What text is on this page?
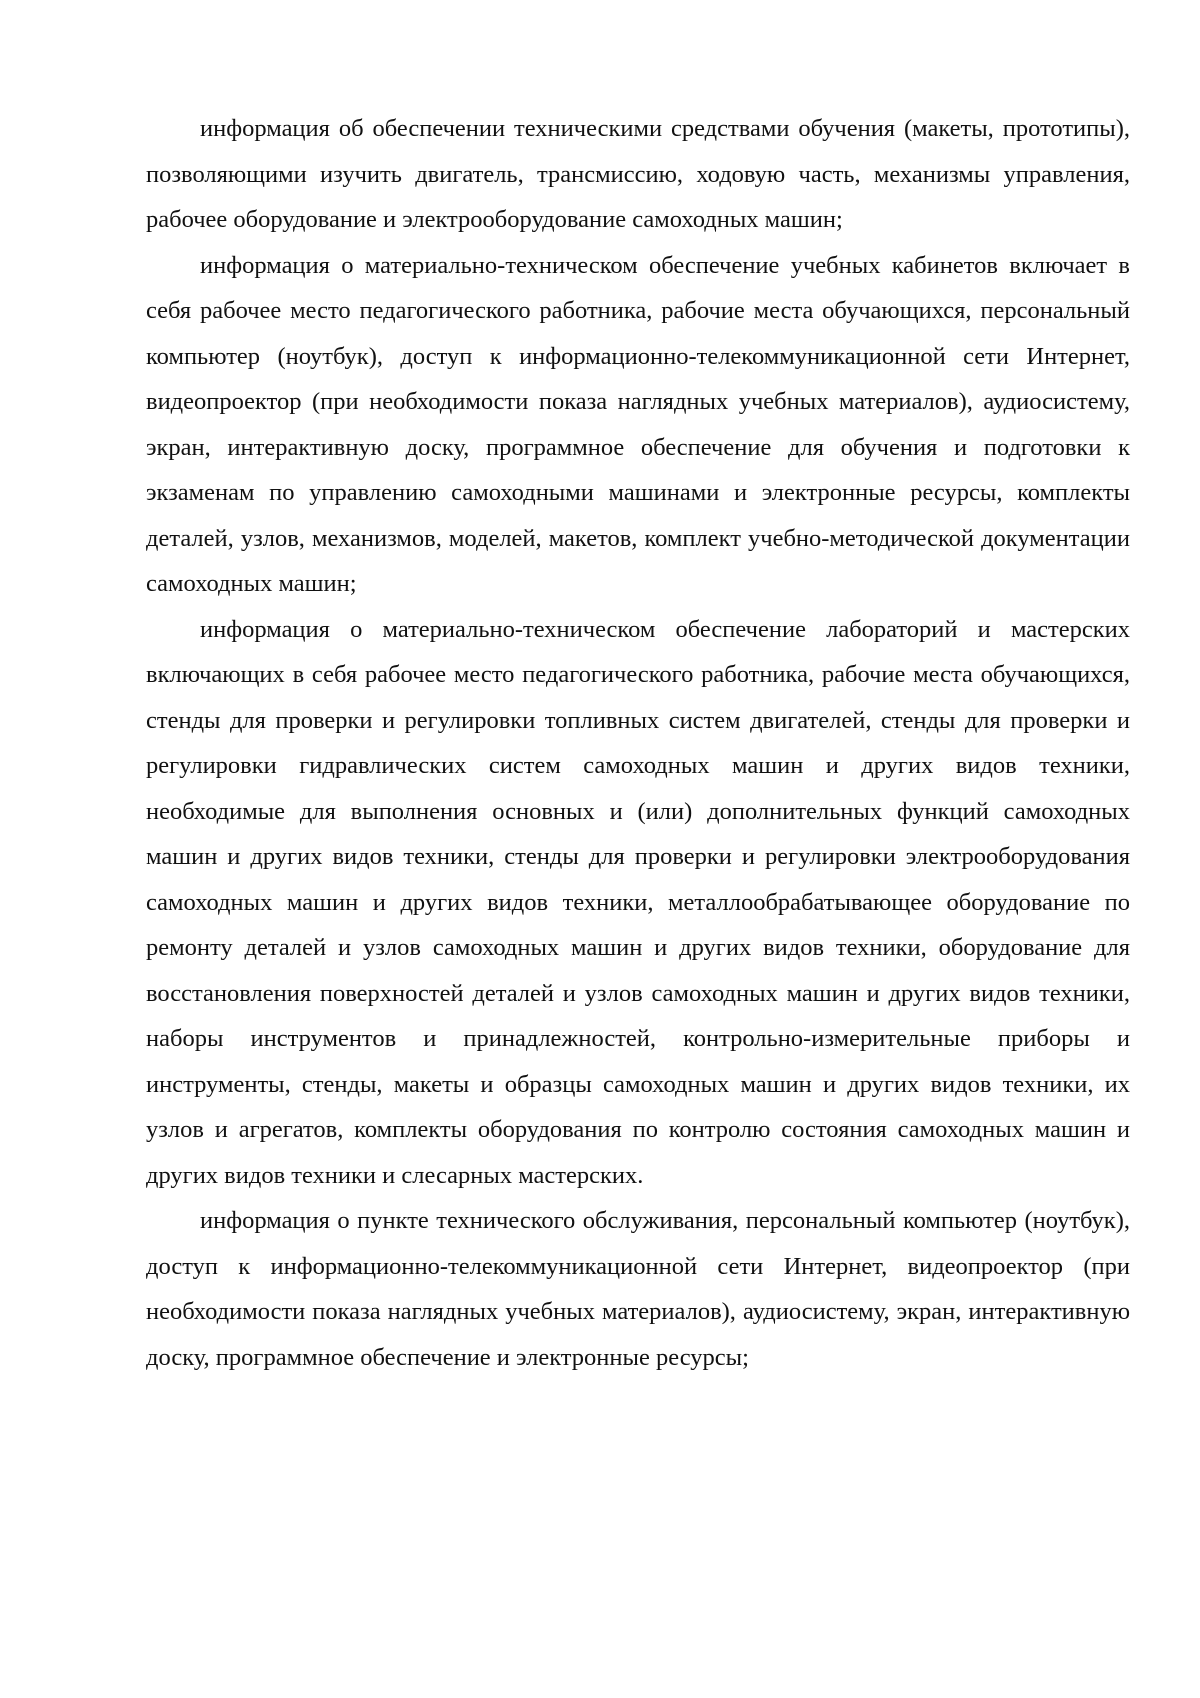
информация об обеспечении техническими средствами обучения (макеты, прототипы), позволяющими изучить двигатель, трансмиссию, ходовую часть, механизмы управления, рабочее оборудование и электрооборудование самоходных машин;

информация о материально-техническом обеспечение учебных кабинетов включает в себя рабочее место педагогического работника, рабочие места обучающихся, персональный компьютер (ноутбук), доступ к информационно-телекоммуникационной сети Интернет, видеопроектор (при необходимости показа наглядных учебных материалов), аудиосистему, экран, интерактивную доску, программное обеспечение для обучения и подготовки к экзаменам по управлению самоходными машинами и электронные ресурсы, комплекты деталей, узлов, механизмов, моделей, макетов, комплект учебно-методической документации самоходных машин;

информация о материально-техническом обеспечение лабораторий и мастерских включающих в себя рабочее место педагогического работника, рабочие места обучающихся, стенды для проверки и регулировки топливных систем двигателей, стенды для проверки и регулировки гидравлических систем самоходных машин и других видов техники, необходимые для выполнения основных и (или) дополнительных функций самоходных машин и других видов техники, стенды для проверки и регулировки электрооборудования самоходных машин и других видов техники, металлообрабатывающее оборудование по ремонту деталей и узлов самоходных машин и других видов техники, оборудование для восстановления поверхностей деталей и узлов самоходных машин и других видов техники, наборы инструментов и принадлежностей, контрольно-измерительные приборы и инструменты, стенды, макеты и образцы самоходных машин и других видов техники, их узлов и агрегатов, комплекты оборудования по контролю состояния самоходных машин и других видов техники и слесарных мастерских.

информация о пункте технического обслуживания, персональный компьютер (ноутбук), доступ к информационно-телекоммуникационной сети Интернет, видеопроектор (при необходимости показа наглядных учебных материалов), аудиосистему, экран, интерактивную доску, программное обеспечение и электронные ресурсы;
